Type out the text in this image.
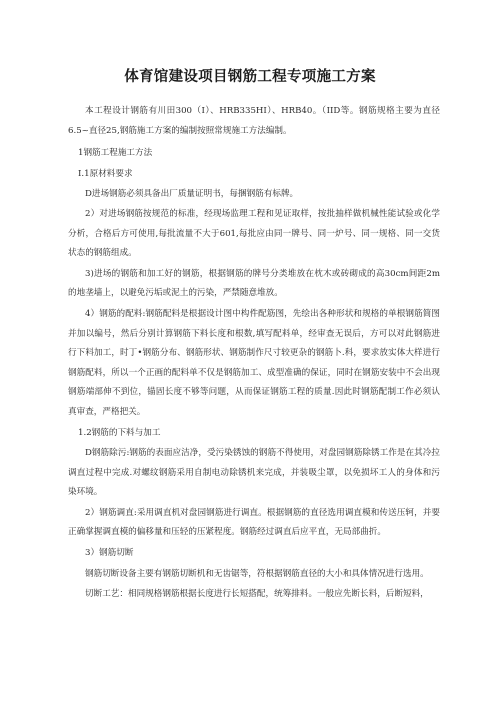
体育馆建设项目钢筋工程专项施工方案

本工程设计钢筋有川田300（I）、HRB335HI）、HRB40。（IID等。钢筋规格主要为直径6.5~直径25,钢筋施工方案的编制按照常规施工方法编制。

1钢筋工程施工方法

I.1原材料要求

D进场钢筋必须具备出厂质量证明书，每捆钢筋有标牌。

2）对进场钢筋按规范的标准，经现场监理工程和见证取样，按批抽样做机械性能试验或化学分析，合格后方可使用,每批流量不大于601,每批应由同一牌号、同一炉号、同一规格、同一交货状态的钢筋组成。

3)进场的钢筋和加工好的钢筋，根据钢筋的牌号分类堆放在枕木或砖砌成的高30cm间距2m的地垄墙上，以避免污垢或泥土的污染，严禁随意堆放。

4）钢筋的配料:钢筋配料是根据设计图中构件配筋图，先绘出各种形状和规格的单根钢筋简图并加以编号，然后分别计算钢筋下料长度和根数,填写配料单，经审查无误后，方可以对此钢筋进行下料加工，时丁•钢筋分布、钢筋形状、钢筋制作尺寸较更杂的钢筋卜.科，要求放实体大样进行钢筋配料，所以一个正画的配料单不仅是钢筋加工、成型准确的保证，同时在钢筋安装中不会出现钢筋端部伸不到位，锚固长度不够等问题，从而保证钢筋工程的质量.因此时钢筋配制工作必须认真审查，严格把关。

1.2钢筋的下料与加工

D钢筋除污:钢筋的表面应洁净，受污染锈蚀的钢筋不得使用，对盘园钢筋除锈工作是在其冷拉调直过程中完成.对螺纹钢筋采用自制电动除锈机来完成，并装吸尘罩，以免损坏工人的身体和污染环境。

2）钢筋调直:采用调直机对盘园钢筋进行调直。根据钢筋的直径选用调直模和传送压轲，并要正确掌握调直模的偏移量和压轻的压紧程度。钢筋经过调直后应平直，无局部曲折。

3）钢筋切断

钢筋切断设备主要有钢筋切断机和无齿锯等，符根据钢筋直径的大小和具体情况进行选用。

切断工艺：相同规格钢筋根据长度进行长短搭配，统筹排料。一般应先断长料，后断短料，
